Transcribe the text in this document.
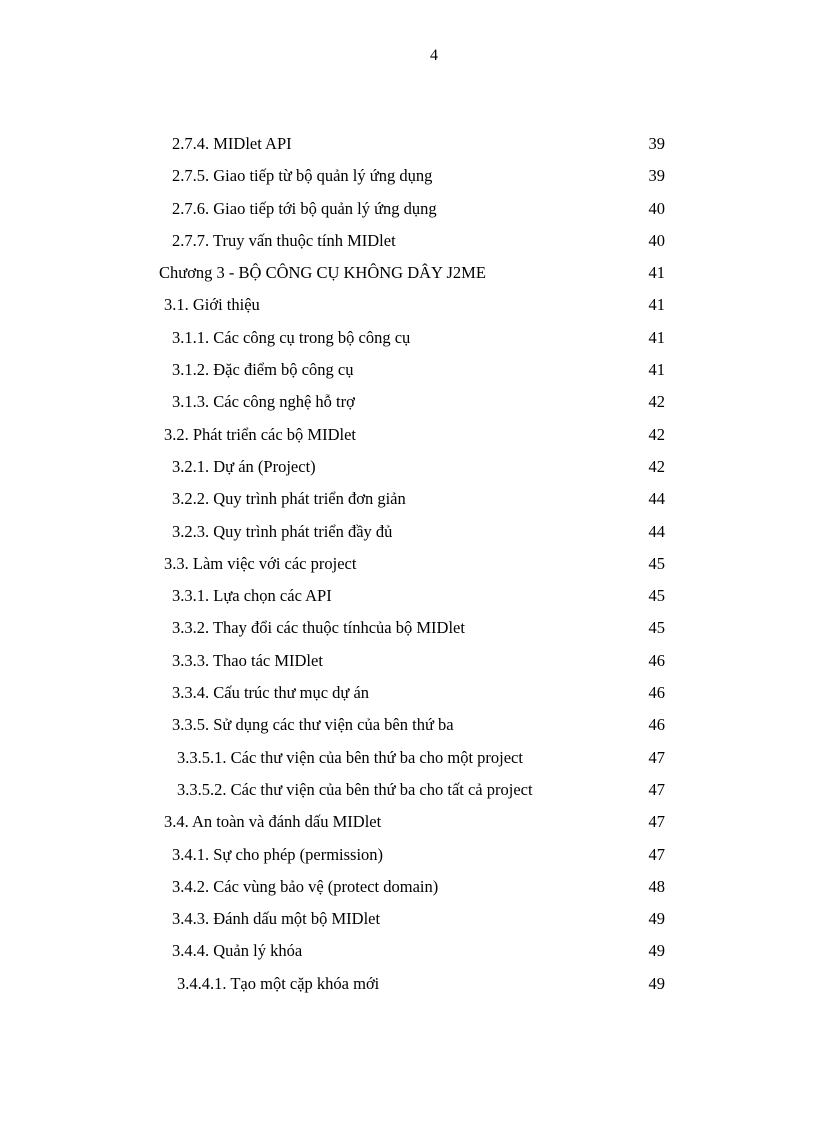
4
2.7.4. MIDlet API	39
2.7.5. Giao tiếp từ bộ quản lý ứng dụng	39
2.7.6. Giao tiếp tới bộ quản lý ứng dụng	40
2.7.7. Truy vấn thuộc tính MIDlet	40
Chương 3 - BỘ CÔNG CỤ KHÔNG DÂY J2ME	41
3.1. Giới thiệu	41
3.1.1. Các công cụ trong bộ công cụ	41
3.1.2. Đặc điểm bộ công cụ	41
3.1.3. Các công nghệ hỗ trợ	42
3.2. Phát triển các bộ MIDlet	42
3.2.1. Dự án (Project)	42
3.2.2. Quy trình phát triển đơn giản	44
3.2.3. Quy trình phát triển đầy đủ	44
3.3. Làm việc với các project	45
3.3.1. Lựa chọn các API	45
3.3.2. Thay đổi các thuộc tínhcủa bộ MIDlet	45
3.3.3. Thao tác MIDlet	46
3.3.4. Cấu trúc thư mục dự án	46
3.3.5. Sử dụng các thư viện của bên thứ ba	46
3.3.5.1. Các thư viện của bên thứ ba cho một project	47
3.3.5.2. Các thư viện của bên thứ ba cho tất cả project	47
3.4. An toàn và đánh dấu MIDlet	47
3.4.1. Sự cho phép (permission)	47
3.4.2. Các vùng bảo vệ (protect domain)	48
3.4.3. Đánh dấu một bộ MIDlet	49
3.4.4. Quản lý khóa	49
3.4.4.1. Tạo một cặp khóa mới	49
